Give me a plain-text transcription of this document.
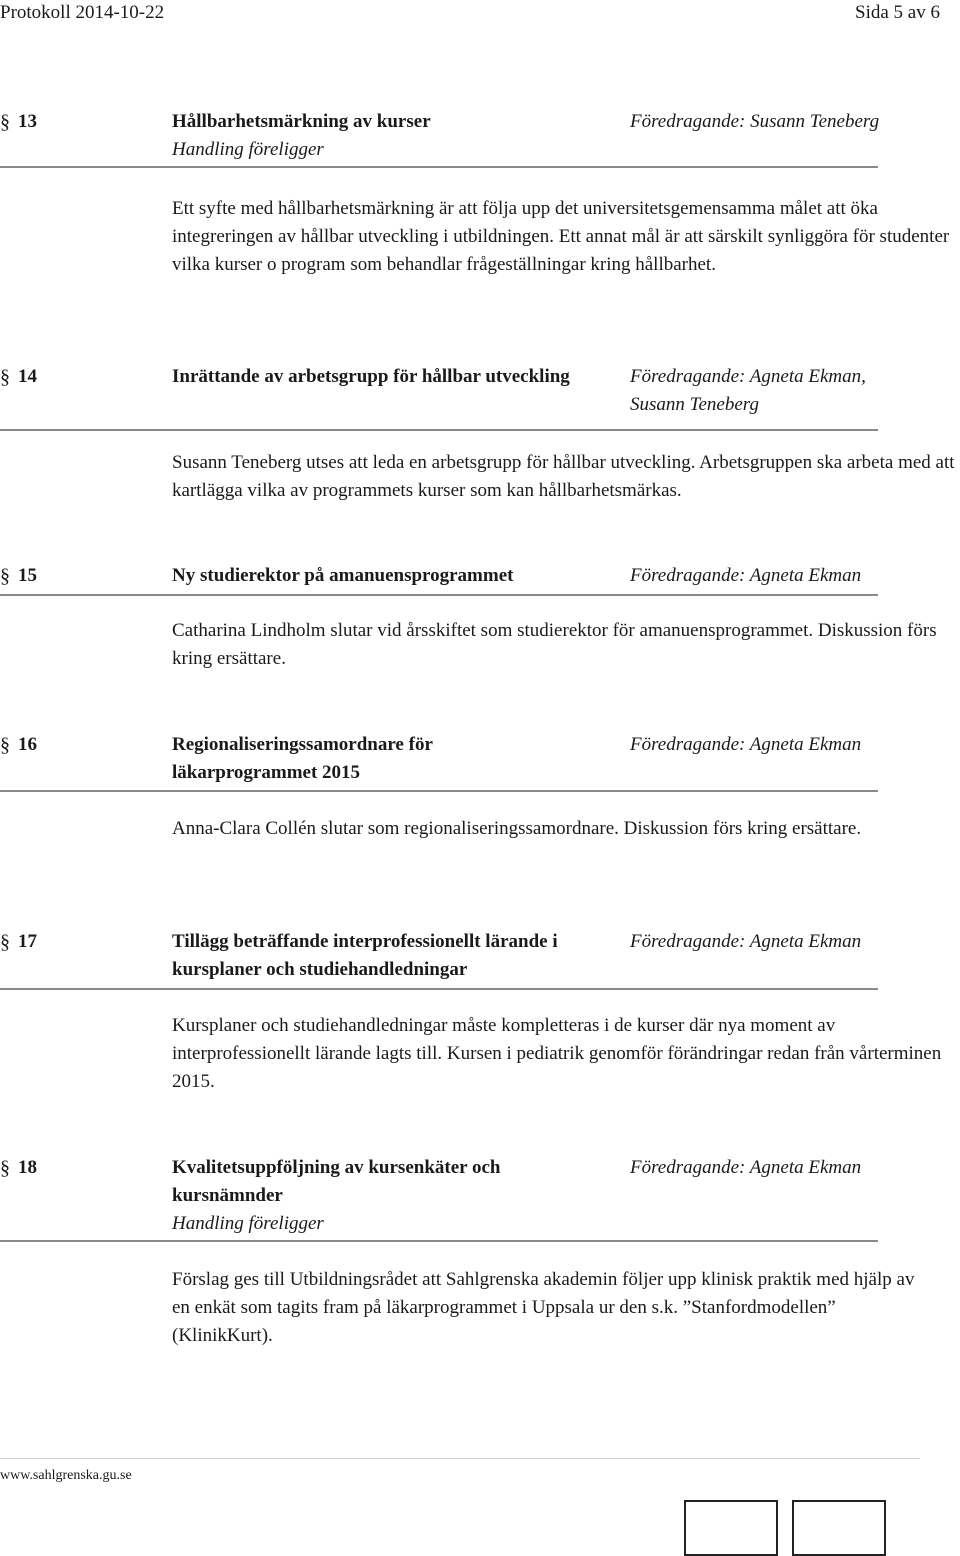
Protokoll 2014-10-22	Sida 5 av 6
§ 13	Hållbarhetsmärkning av kurser
Handling föreligger
Föredragande: Susann Teneberg
Ett syfte med hållbarhetsmärkning är att följa upp det universitetsgemensamma målet att öka integreringen av hållbar utveckling i utbildningen. Ett annat mål är att särskilt synliggöra för studenter vilka kurser o program som behandlar frågeställningar kring hållbarhet.
§ 14	Inrättande av arbetsgrupp för hållbar utveckling	Föredragande: Agneta Ekman, Susann Teneberg
Susann Teneberg utses att leda en arbetsgrupp för hållbar utveckling. Arbetsgruppen ska arbeta med att kartlägga vilka av programmets kurser som kan hållbarhetsmärkas.
§ 15	Ny studierektor på amanuensprogrammet	Föredragande: Agneta Ekman
Catharina Lindholm slutar vid årsskiftet som studierektor för amanuensprogrammet. Diskussion förs kring ersättare.
§ 16	Regionaliseringssamordnare för läkarprogrammet 2015
Föredragande: Agneta Ekman
Anna-Clara Collén slutar som regionaliseringssamordnare. Diskussion förs kring ersättare.
§ 17	Tillägg beträffande interprofessionellt lärande i kursplaner och studiehandledningar
Föredragande: Agneta Ekman
Kursplaner och studiehandledningar måste kompletteras i de kurser där nya moment av interprofessionellt lärande lagts till. Kursen i pediatrik genomför förändringar redan från vårterminen 2015.
§ 18	Kvalitetsuppföljning av kursenkäter och kursnämnder
Handling föreligger
Föredragande: Agneta Ekman
Förslag ges till Utbildningsrådet att Sahlgrenska akademin följer upp klinisk praktik med hjälp av en enkät som tagits fram på läkarprogrammet i Uppsala ur den s.k. ”Stanfordmodellen” (KlinikKurt).
www.sahlgrenska.gu.se
